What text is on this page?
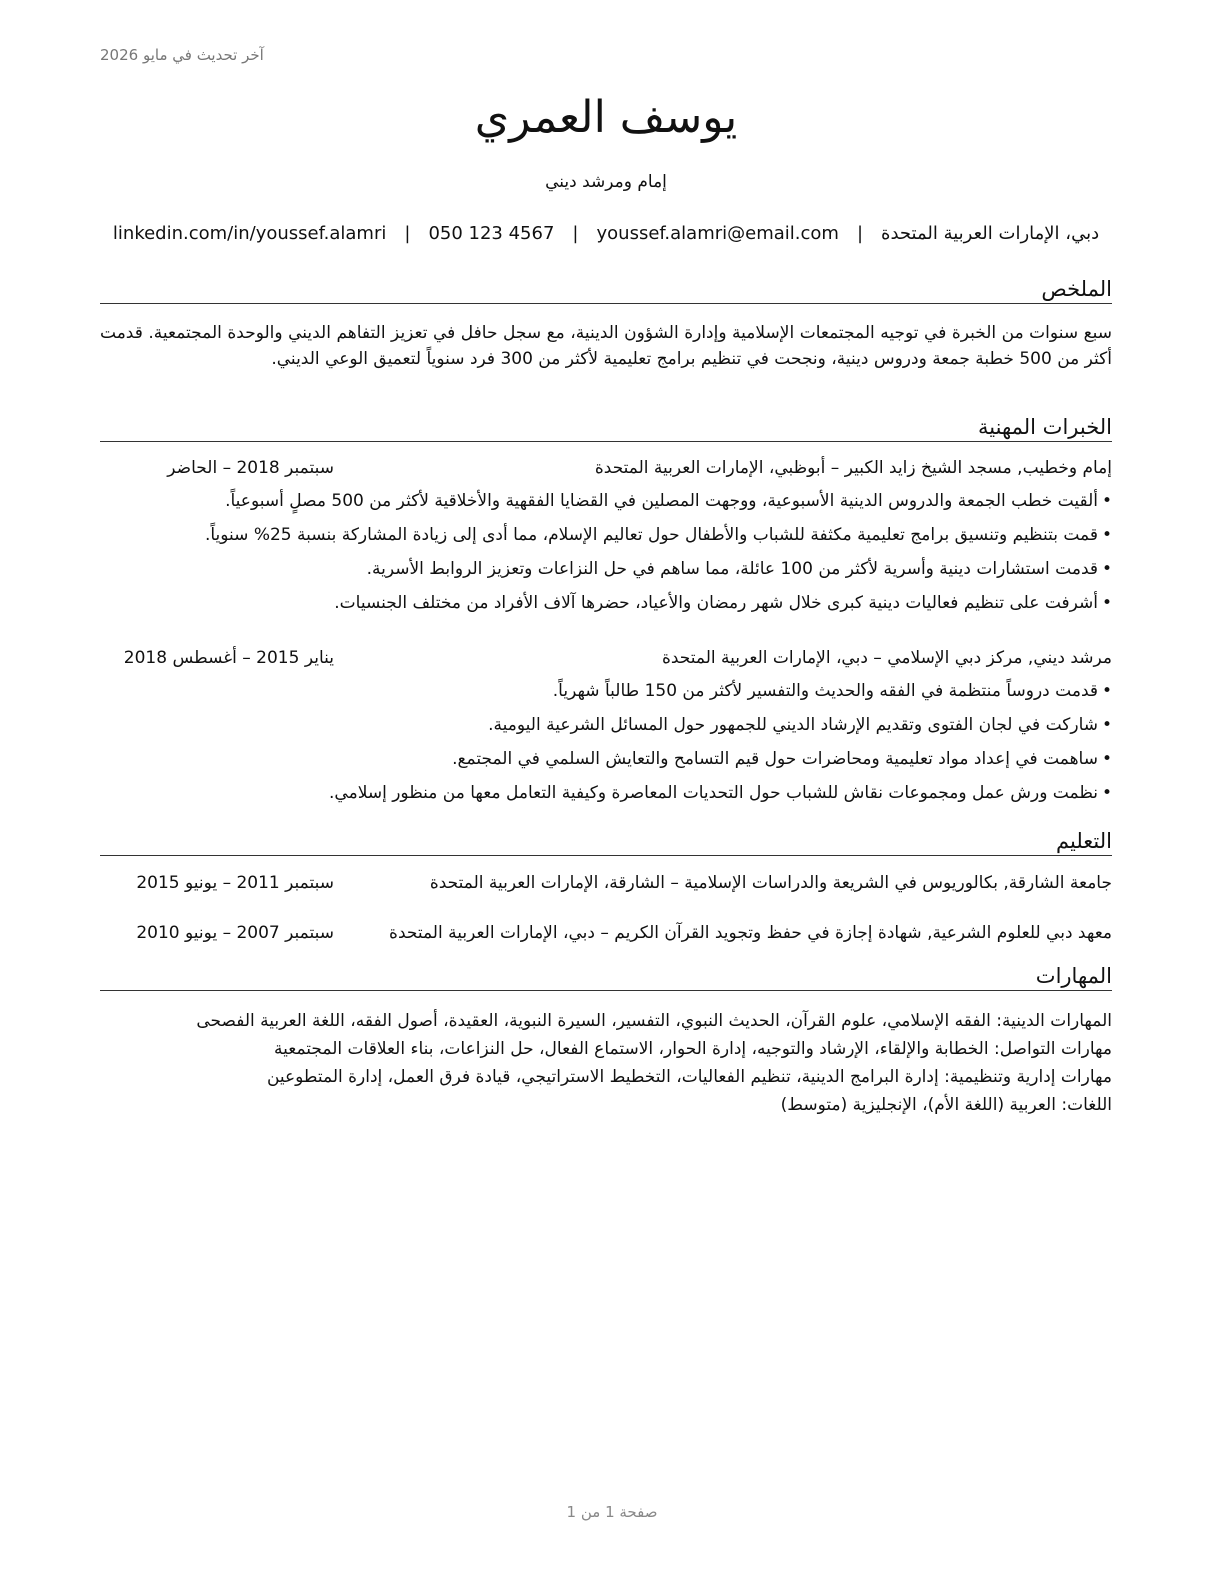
آخر تحديث في مايو 2026
يوسف العمري
إمام ومرشد ديني
دبي، الإمارات العربية المتحدة
|
youssef.alamri@email.com
|
050 123 4567
|
linkedin.com/in/youssef.alamri
الملخص
سبع سنوات من الخبرة في توجيه المجتمعات الإسلامية وإدارة الشؤون الدينية، مع سجل حافل في تعزيز التفاهم الديني والوحدة المجتمعية. قدمت أكثر من 500 خطبة جمعة ودروس دينية، ونجحت في تنظيم برامج تعليمية لأكثر من 300 فرد سنوياً لتعميق الوعي الديني.
الخبرات المهنية
إمام وخطيب, مسجد الشيخ زايد الكبير – أبوظبي، الإمارات العربية المتحدة
سبتمبر 2018 – الحاضر
•ألقيت خطب الجمعة والدروس الدينية الأسبوعية، ووجهت المصلين في القضايا الفقهية والأخلاقية لأكثر من 500 مصلٍ أسبوعياً.
•قمت بتنظيم وتنسيق برامج تعليمية مكثفة للشباب والأطفال حول تعاليم الإسلام، مما أدى إلى زيادة المشاركة بنسبة 25% سنوياً.
•قدمت استشارات دينية وأسرية لأكثر من 100 عائلة، مما ساهم في حل النزاعات وتعزيز الروابط الأسرية.
•أشرفت على تنظيم فعاليات دينية كبرى خلال شهر رمضان والأعياد، حضرها آلاف الأفراد من مختلف الجنسيات.
مرشد ديني, مركز دبي الإسلامي – دبي، الإمارات العربية المتحدة
يناير 2015 – أغسطس 2018
•قدمت دروساً منتظمة في الفقه والحديث والتفسير لأكثر من 150 طالباً شهرياً.
•شاركت في لجان الفتوى وتقديم الإرشاد الديني للجمهور حول المسائل الشرعية اليومية.
•ساهمت في إعداد مواد تعليمية ومحاضرات حول قيم التسامح والتعايش السلمي في المجتمع.
•نظمت ورش عمل ومجموعات نقاش للشباب حول التحديات المعاصرة وكيفية التعامل معها من منظور إسلامي.
التعليم
جامعة الشارقة, بكالوريوس في الشريعة والدراسات الإسلامية – الشارقة، الإمارات العربية المتحدة
سبتمبر 2011 – يونيو 2015
معهد دبي للعلوم الشرعية, شهادة إجازة في حفظ وتجويد القرآن الكريم – دبي، الإمارات العربية المتحدة
سبتمبر 2007 – يونيو 2010
المهارات
المهارات الدينية: الفقه الإسلامي، علوم القرآن، الحديث النبوي، التفسير، السيرة النبوية، العقيدة، أصول الفقه، اللغة العربية الفصحى
مهارات التواصل: الخطابة والإلقاء، الإرشاد والتوجيه، إدارة الحوار، الاستماع الفعال، حل النزاعات، بناء العلاقات المجتمعية
مهارات إدارية وتنظيمية: إدارة البرامج الدينية، تنظيم الفعاليات، التخطيط الاستراتيجي، قيادة فرق العمل، إدارة المتطوعين
اللغات: العربية (اللغة الأم)، الإنجليزية (متوسط)
صفحة 1 من 1
